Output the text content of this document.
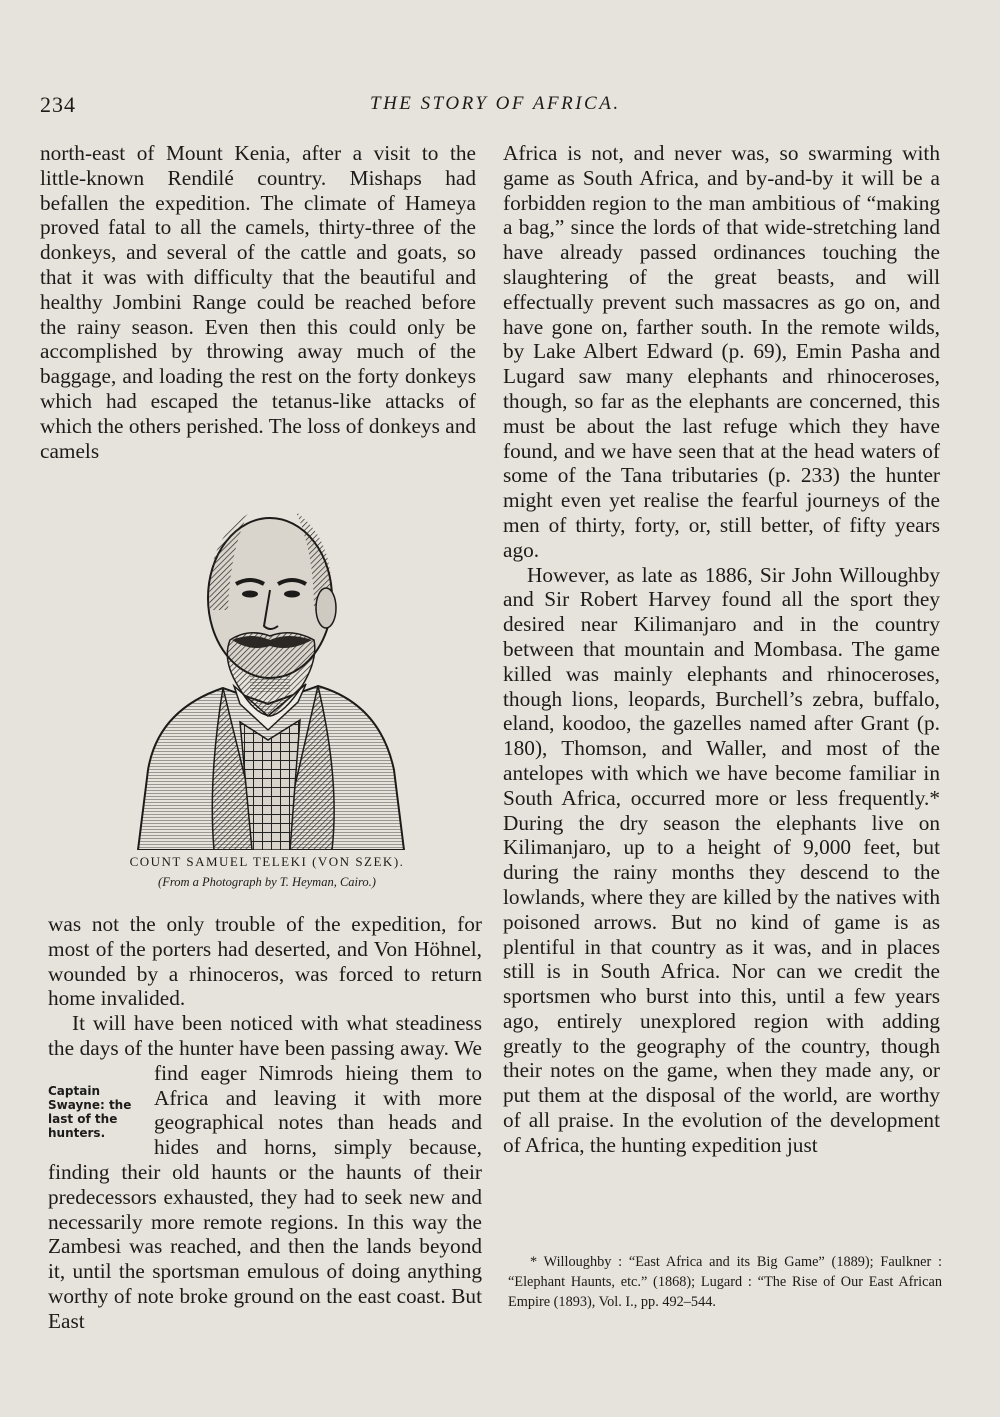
234	THE STORY OF AFRICA.

north-east of Mount Kenia, after a visit to the little-known Rendilé country. Mishaps had befallen the expedition. The climate of Hameya proved fatal to all the camels, thirty-three of the donkeys, and several of the cattle and goats, so that it was with difficulty that the beautiful and healthy Jombini Range could be reached before the rainy season. Even then this could only be accomplished by throwing away much of the baggage, and loading the rest on the forty donkeys which had escaped the tetanus-like attacks of which the others perished. The loss of donkeys and camels

COUNT SAMUEL TELEKI (VON SZEK).
(From a Photograph by T. Heyman, Cairo.)

was not the only trouble of the expedition, for most of the porters had deserted, and Von Höhnel, wounded by a rhinoceros, was forced to return home invalided.

It will have been noticed with what steadiness the days of the hunter have been passing away. We find eager Nimrods hieing them to Africa and leaving it with more geographical notes than heads and hides and horns, simply because, finding their old haunts or the haunts of their predecessors exhausted, they had to seek new and necessarily more remote regions. In this way the Zambesi was reached, and then the lands beyond it, until the sportsman emulous of doing anything worthy of note broke ground on the east coast. But East

Captain Swayne: the last of the hunters.

Africa is not, and never was, so swarming with game as South Africa, and by-and-by it will be a forbidden region to the man ambitious of “making a bag,” since the lords of that wide-stretching land have already passed ordinances touching the slaughtering of the great beasts, and will effectually prevent such massacres as go on, and have gone on, farther south. In the remote wilds, by Lake Albert Edward (p. 69), Emin Pasha and Lugard saw many elephants and rhinoceroses, though, so far as the elephants are concerned, this must be about the last refuge which they have found, and we have seen that at the head waters of some of the Tana tributaries (p. 233) the hunter might even yet realise the fearful journeys of the men of thirty, forty, or, still better, of fifty years ago.

However, as late as 1886, Sir John Willoughby and Sir Robert Harvey found all the sport they desired near Kilimanjaro and in the country between that mountain and Mombasa. The game killed was mainly elephants and rhinoceroses, though lions, leopards, Burchell’s zebra, buffalo, eland, koodoo, the gazelles named after Grant (p. 180), Thomson, and Waller, and most of the antelopes with which we have become familiar in South Africa, occurred more or less frequently.* During the dry season the elephants live on Kilimanjaro, up to a height of 9,000 feet, but during the rainy months they descend to the lowlands, where they are killed by the natives with poisoned arrows. But no kind of game is as plentiful in that country as it was, and in places still is in South Africa. Nor can we credit the sportsmen who burst into this, until a few years ago, entirely unexplored region with adding greatly to the geography of the country, though their notes on the game, when they made any, or put them at the disposal of the world, are worthy of all praise. In the evolution of the development of Africa, the hunting expedition just

* Willoughby : “East Africa and its Big Game” (1889); Faulkner : “Elephant Haunts, etc.” (1868); Lugard : “The Rise of Our East African Empire (1893), Vol. I., pp. 492–544.
